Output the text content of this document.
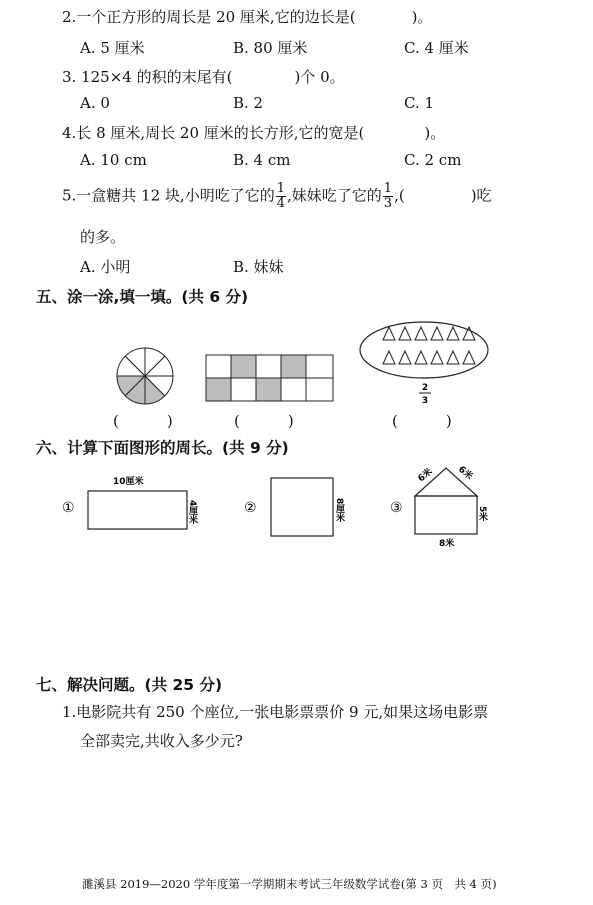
2.一个正方形的周长是 20 厘米,它的边长是(	)。
A. 5 厘米	B. 80 厘米	C. 4 厘米
3. 125×4 的积的末尾有(	)个 0。
A. 0	B. 2	C. 1
4.长 8 厘米,周长 20 厘米的长方形,它的宽是(	)。
A. 10 cm	B. 4 cm	C. 2 cm
5.一盒糖共 12 块,小明吃了它的 $\frac{1}{4}$ ,妹妹吃了它的 $\frac{1}{3}$ ,(	)吃
的多。
A. 小明	B. 妹妹
五、涂一涂,填一填。(共 6 分)
2
3
(	)	(	)	(	)
六、计算下面图形的周长。(共 9 分)
①
10厘米
4厘米	②	8厘米	③
6米 6米
5米
8米
七、解决问题。(共 25 分)
1.电影院共有 250 个座位,一张电影票票价 9 元,如果这场电影票
全部卖完,共收入多少元?
濉溪县 2019—2020 学年度第一学期期末考试三年级数学试卷(第 3 页　共 4 页)
